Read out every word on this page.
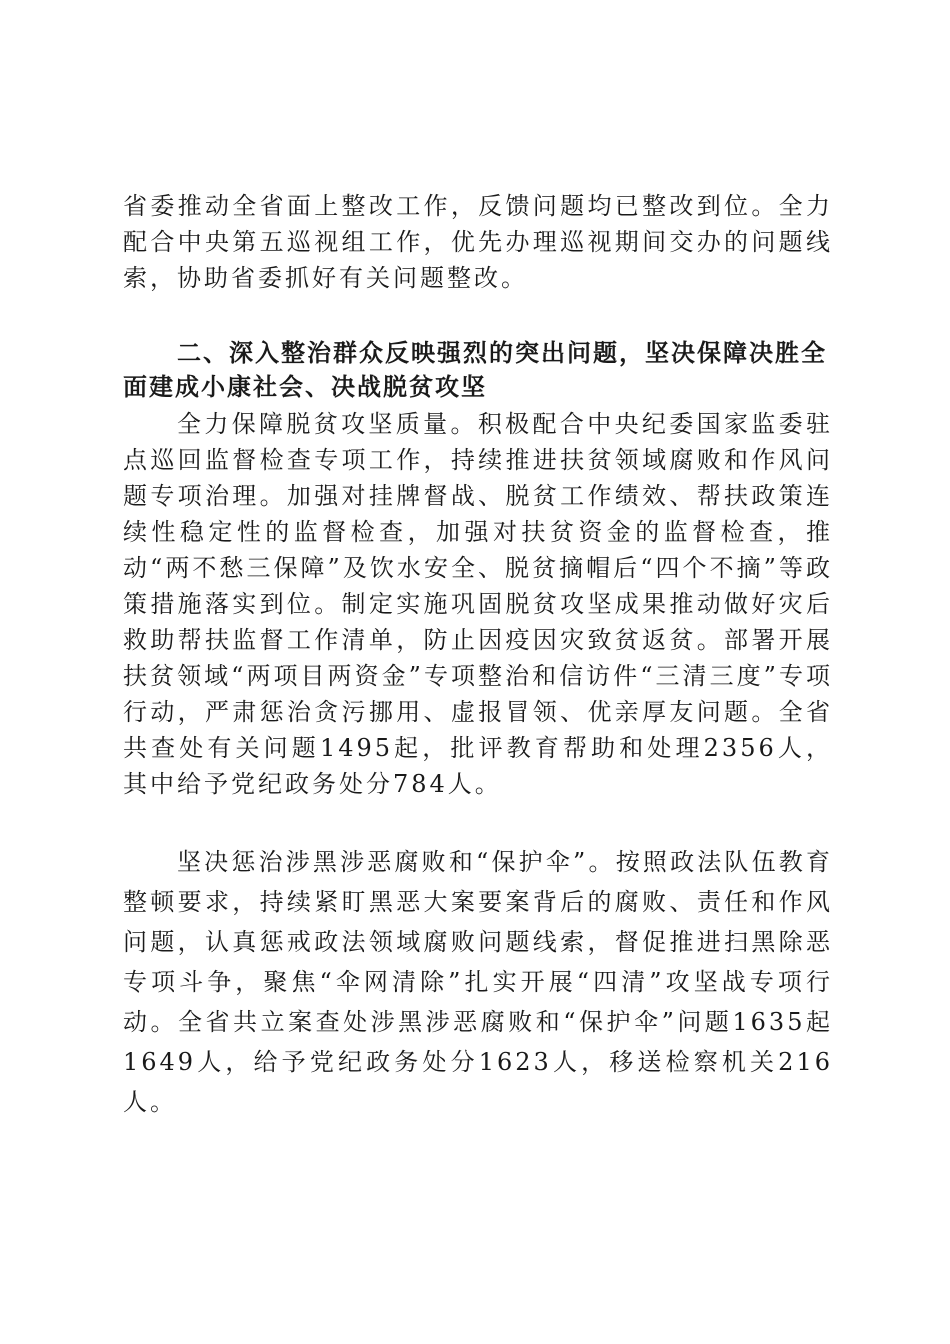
省委推动全省面上整改工作，反馈问题均已整改到位。全力配合中央第五巡视组工作，优先办理巡视期间交办的问题线索，协助省委抓好有关问题整改。

二、深入整治群众反映强烈的突出问题，坚决保障决胜全面建成小康社会、决战脱贫攻坚

全力保障脱贫攻坚质量。积极配合中央纪委国家监委驻点巡回监督检查专项工作，持续推进扶贫领域腐败和作风问题专项治理。加强对挂牌督战、脱贫工作绩效、帮扶政策连续性稳定性的监督检查，加强对扶贫资金的监督检查，推动“两不愁三保障”及饮水安全、脱贫摘帽后“四个不摘”等政策措施落实到位。制定实施巩固脱贫攻坚成果推动做好灾后救助帮扶监督工作清单，防止因疫因灾致贫返贫。部署开展扶贫领域“两项目两资金”专项整治和信访件“三清三度”专项行动，严肃惩治贪污挪用、虚报冒领、优亲厚友问题。全省共查处有关问题1495起，批评教育帮助和处理2356人，其中给予党纪政务处分784人。

坚决惩治涉黑涉恶腐败和“保护伞”。按照政法队伍教育整顿要求，持续紧盯黑恶大案要案背后的腐败、责任和作风问题，认真惩戒政法领域腐败问题线索，督促推进扫黑除恶专项斗争，聚焦“伞网清除”扎实开展“四清”攻坚战专项行动。全省共立案查处涉黑涉恶腐败和“保护伞”问题1635起1649人，给予党纪政务处分1623人，移送检察机关216人。
